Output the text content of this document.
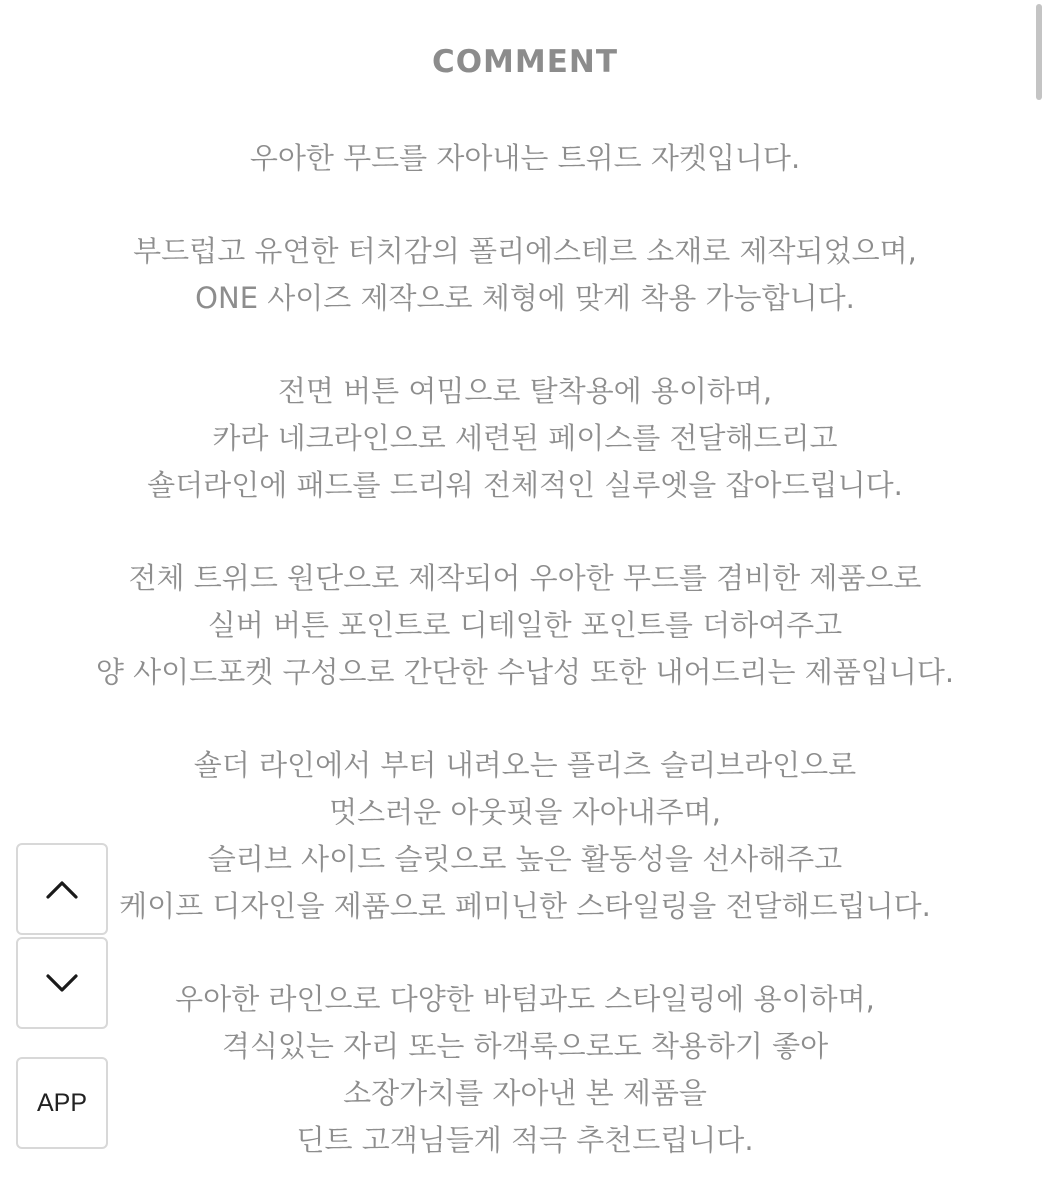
COMMENT

우아한 무드를 자아내는 트위드 자켓입니다.

부드럽고 유연한 터치감의 폴리에스테르 소재로 제작되었으며,
ONE 사이즈 제작으로 체형에 맞게 착용 가능합니다.

전면 버튼 여밈으로 탈착용에 용이하며,
카라 네크라인으로 세련된 페이스를 전달해드리고
숄더라인에 패드를 드리워 전체적인 실루엣을 잡아드립니다.

전체 트위드 원단으로 제작되어 우아한 무드를 겸비한 제품으로
실버 버튼 포인트로 디테일한 포인트를 더하여주고
양 사이드포켓 구성으로 간단한 수납성 또한 내어드리는 제품입니다.

숄더 라인에서 부터 내려오는 플리츠 슬리브라인으로
멋스러운 아웃핏을 자아내주며,
슬리브 사이드 슬릿으로 높은 활동성을 선사해주고
케이프 디자인을 제품으로 페미닌한 스타일링을 전달해드립니다.

우아한 라인으로 다양한 바텀과도 스타일링에 용이하며,
격식있는 자리 또는 하객룩으로도 착용하기 좋아
소장가치를 자아낸 본 제품을
딘트 고객님들게 적극 추천드립니다.

APP
